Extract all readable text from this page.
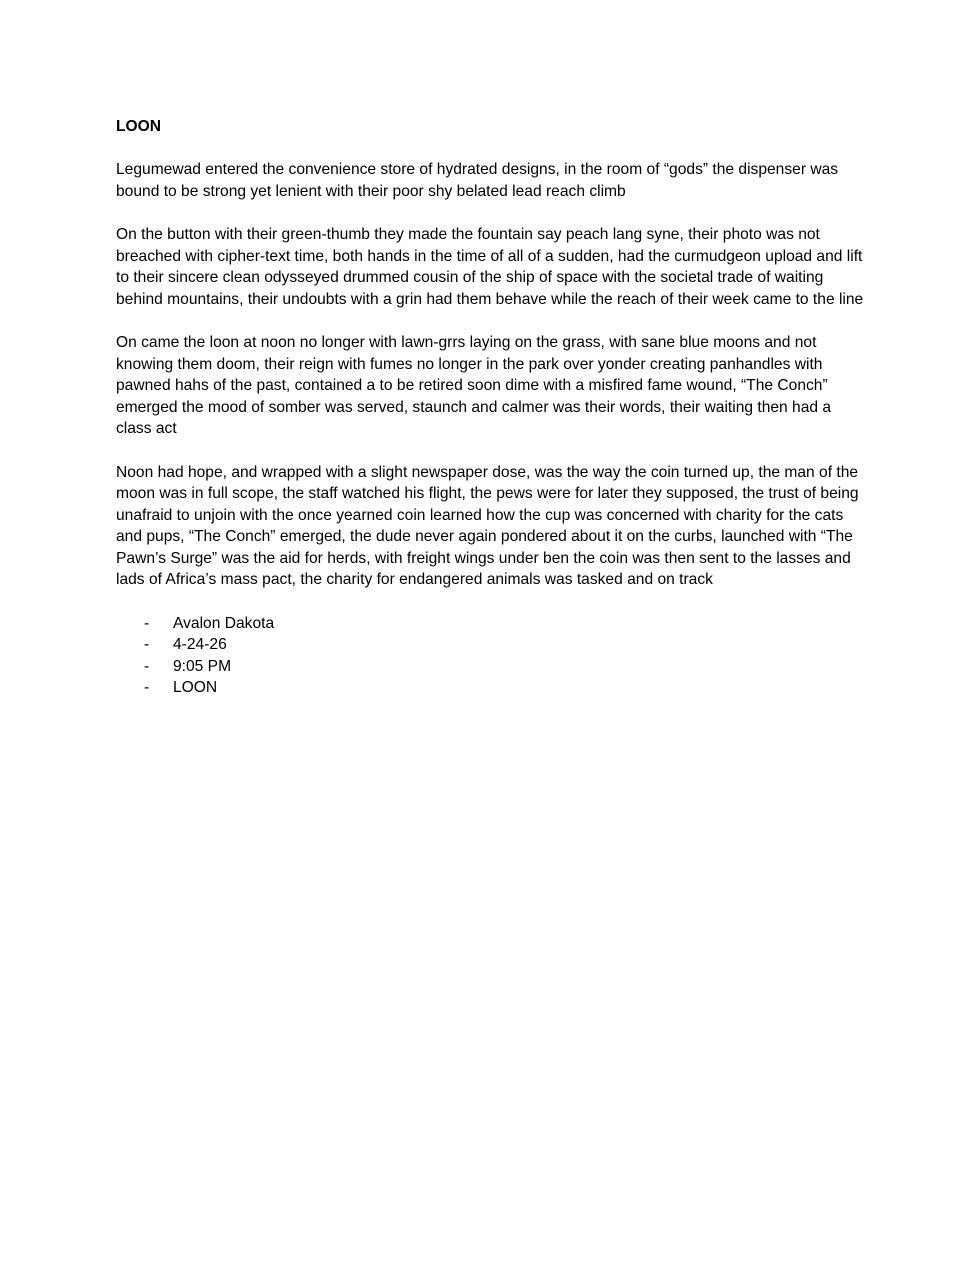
LOON

Legumewad entered the convenience store of hydrated designs, in the room of “gods” the dispenser was bound to be strong yet lenient with their poor shy belated lead reach climb

On the button with their green-thumb they made the fountain say peach lang syne, their photo was not breached with cipher-text time, both hands in the time of all of a sudden, had the curmudgeon upload and lift to their sincere clean odysseyed drummed cousin of the ship of space with the societal trade of waiting behind mountains, their undoubts with a grin had them behave while the reach of their week came to the line

On came the loon at noon no longer with lawn-grrs laying on the grass, with sane blue moons and not knowing them doom, their reign with fumes no longer in the park over yonder creating panhandles with pawned hahs of the past, contained a to be retired soon dime with a misfired fame wound, “The Conch” emerged the mood of somber was served, staunch and calmer was their words, their waiting then had a class act

Noon had hope, and wrapped with a slight newspaper dose, was the way the coin turned up, the man of the moon was in full scope, the staff watched his flight, the pews were for later they supposed, the trust of being unafraid to unjoin with the once yearned coin learned how the cup was concerned with charity for the cats and pups, “The Conch” emerged, the dude never again pondered about it on the curbs, launched with “The Pawn’s Surge” was the aid for herds, with freight wings under ben the coin was then sent to the lasses and lads of Africa’s mass pact, the charity for endangered animals was tasked and on track

- Avalon Dakota
- 4-24-26
- 9:05 PM
- LOON
